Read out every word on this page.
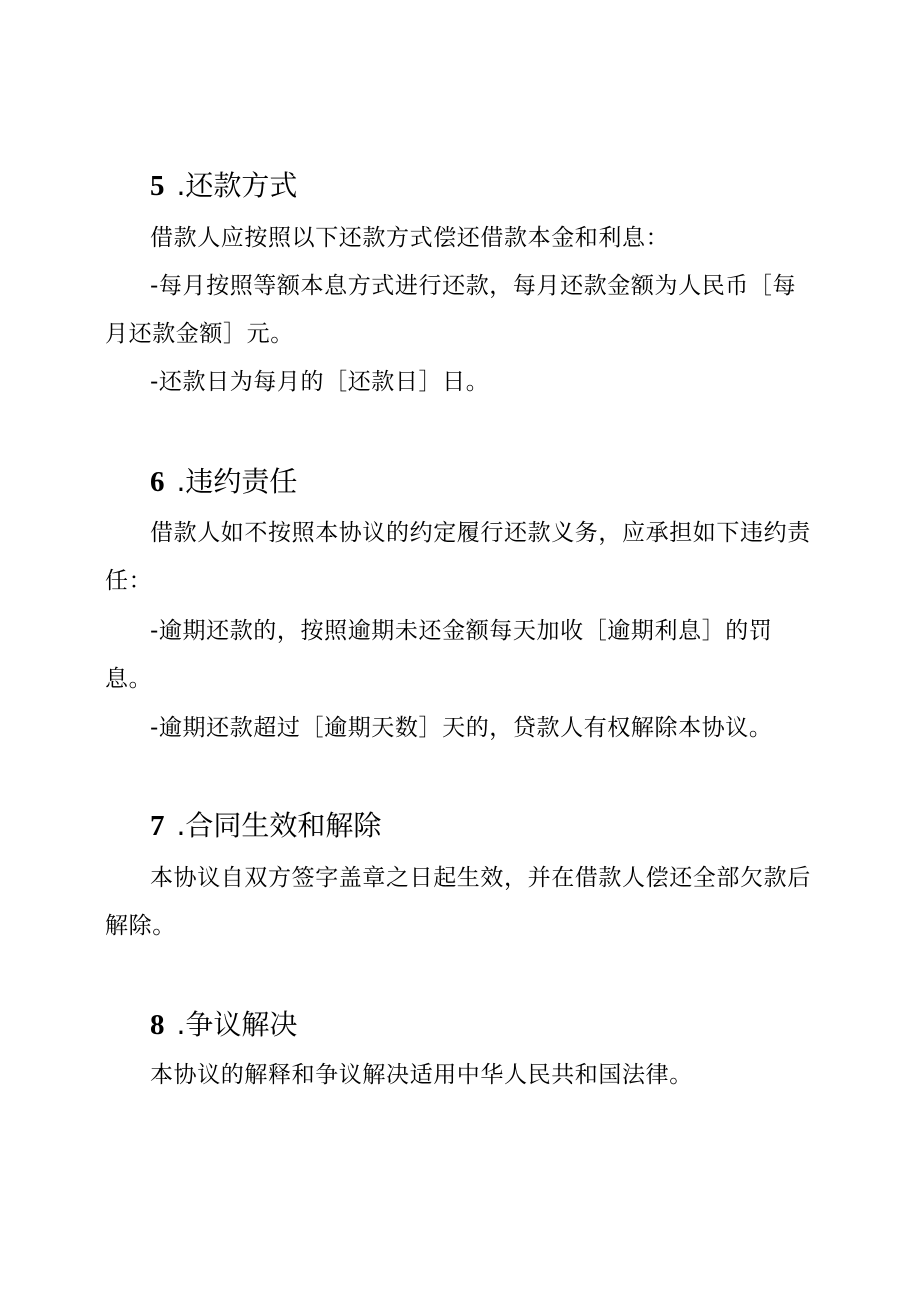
5 .还款方式
借款人应按照以下还款方式偿还借款本金和利息：
-每月按照等额本息方式进行还款，每月还款金额为人民币［每
月还款金额］元。
-还款日为每月的［还款日］日。
6 .违约责任
借款人如不按照本协议的约定履行还款义务，应承担如下违约责
任：
-逾期还款的，按照逾期未还金额每天加收［逾期利息］的罚
息。
-逾期还款超过［逾期天数］天的，贷款人有权解除本协议。
7 .合同生效和解除
本协议自双方签字盖章之日起生效，并在借款人偿还全部欠款后
解除。
8 .争议解决
本协议的解释和争议解决适用中华人民共和国法律。
